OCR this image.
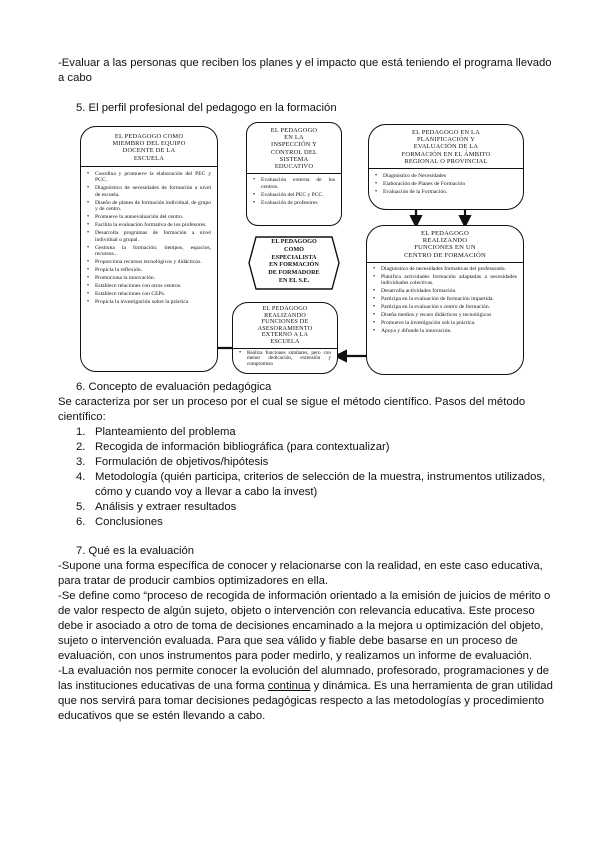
-Evaluar a las personas que reciben los planes y el impacto que está teniendo el programa llevado
a cabo
5. El perfil profesional del pedagogo en la formación
EL PEDAGOGO COMO
MIEMBRO DEL EQUIPO
DOCENTE DE LA
ESCUELA
• Coordina y promueve la elaboración del PEC y PCC.
• Diagnóstico de necesidades de formación a nivel de escuela.
• Diseño de planes de formación individual, de grupo y de centro.
• Promueve la autoevaluación del centro.
• Facilita la evaluación formativa de los profesores.
• Desarrolla programas de formación a nivel individual o grupal.
• Gestiona la formación: tiempos, espacios, recursos...
• Proporciona recursos tecnológicos y didácticos.
• Propicia la reflexión.
• Promociona la innovación.
• Establece relaciones con otros centros.
• Establece relaciones con CEPs.
• Propicia la investigación sobre la práctica
EL PEDAGOGO
EN LA
INSPECCIÓN Y
CONTROL DEL
SISTEMA
EDUCATIVO
• Evaluación externa de los centros.
• Evaluación del PEC y PCC.
• Evaluación de profesores
EL PEDAGOGO EN LA
PLANIFICACIÓN Y
EVALUACIÓN DE LA
FORMACIÓN EN EL ÁMBITO
REGIONAL O PROVINCIAL
• Diagnóstico de Necesidades
• Elaboración de Planes de Formación
• Evaluación de la Formación.
EL PEDAGOGO
COMO
ESPECIALISTA
EN FORMACIÓN
DE FORMADORE
EN EL S.E.
EL PEDAGOGO
REALIZANDO
FUNCIONES DE
ASESORAMIENTO
EXTERNO A LA
ESCUELA
• Realiza funciones similares, pero con menor dedicación, extensión y compromiso
EL PEDAGOGO
REALIZANDO
FUNCIONES EN UN
CENTRO DE FORMACIÓN
• Diagnóstico de necesidades formativas del profesorado.
• Planifica actividades formación adaptadas a necesidades individuales colectivas.
• Desarrolla actividades formación.
• Participa en la evaluación de formación impartida.
• Participa en la evaluación s centro de formación.
• Diseña medios y recurs didácticos y tecnológicos
• Promueve la investigación sob la práctica.
• Apoya y difunde la innovación.
6. Concepto de evaluación pedagógica
Se caracteriza por ser un proceso por el cual se sigue el método científico. Pasos del método
científico:
1. Planteamiento del problema
2. Recogida de información bibliográfica (para contextualizar)
3. Formulación de objetivos/hipótesis
4. Metodología (quién participa, criterios de selección de la muestra, instrumentos utilizados,
cómo y cuando voy a llevar a cabo la invest)
5. Análisis y extraer resultados
6. Conclusiones
7. Qué es la evaluación
-Supone una forma específica de conocer y relacionarse con la realidad, en este caso educativa,
para tratar de producir cambios optimizadores en ella.
-Se define como “proceso de recogida de información orientado a la emisión de juicios de mérito o
de valor respecto de algún sujeto, objeto o intervención con relevancia educativa. Este proceso
debe ir asociado a otro de toma de decisiones encaminado a la mejora u optimización del objeto,
sujeto o intervención evaluada. Para que sea válido y fiable debe basarse en un proceso de
evaluación, con unos instrumentos para poder medirlo, y realizamos un informe de evaluación.
-La evaluación nos permite conocer la evolución del alumnado, profesorado, programaciones y de
las instituciones educativas de una forma continua y dinámica. Es una herramienta de gran utilidad
que nos servirá para tomar decisiones pedagógicas respecto a las metodologías y procedimiento
educativos que se estén llevando a cabo.
